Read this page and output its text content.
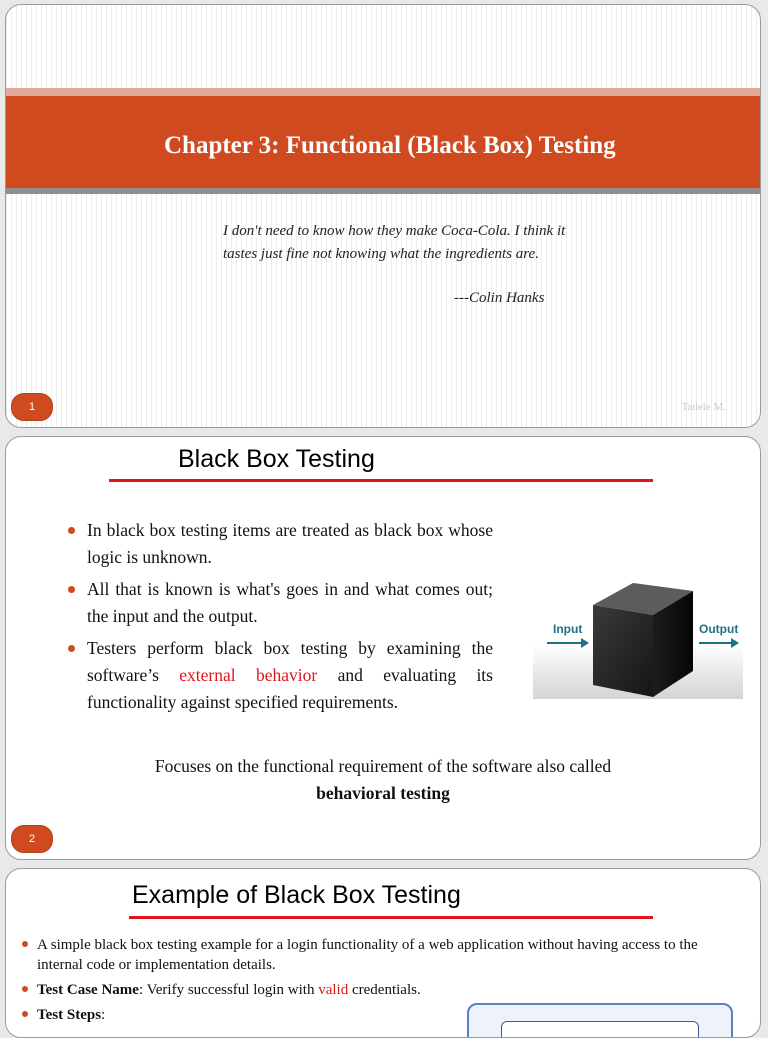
Chapter 3: Functional (Black Box) Testing

I don't need to know how they make Coca-Cola. I think it
tastes just fine not knowing what the ingredients are.

---Colin Hanks

1	Tadele M.
Black Box Testing
In black box testing items are treated as black box whose logic is unknown.
All that is known is what's goes in and what comes out; the input and the output.
Testers perform black box testing by examining the software’s external behavior and evaluating its functionality against specified requirements.
Input	Output

Focuses on the functional requirement of the software also called
behavioral testing

2
Example of Black Box Testing
A simple black box testing example for a login functionality of a web application without having access to the internal code or implementation details.
Test Case Name: Verify successful login with valid credentials.
Test Steps:
